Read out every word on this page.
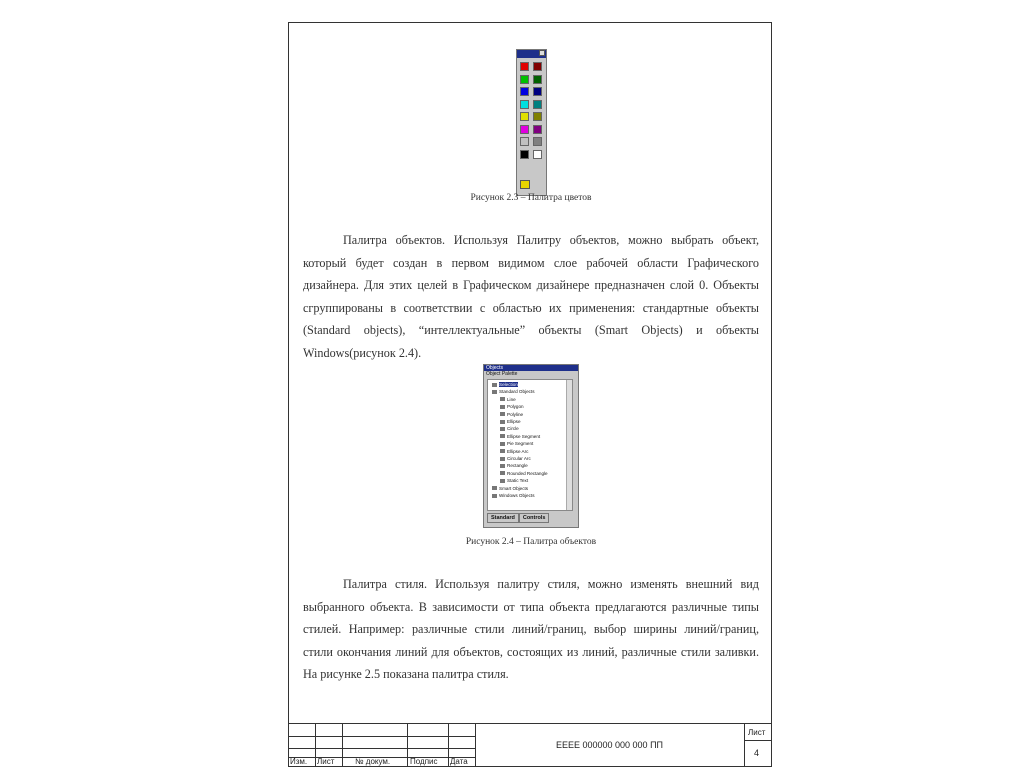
Рисунок 2.3 – Палитра цветов

Палитра объектов. Используя Палитру объектов, можно выбрать объект, который будет создан в первом видимом слое рабочей области Графического дизайнера. Для этих целей в Графическом дизайнере предназначен слой 0. Объекты сгруппированы в соответствии с областью их применения: стандартные объекты (Standard objects), “интеллектуальные” объекты (Smart Objects) и объекты Windows(рисунок 2.4).

Objects
Object Palette
Selection
Standard Objects
Line
Polygon
Polyline
Ellipse
Circle
Ellipse Segment
Pie Segment
Ellipse Arc
Circular Arc
Rectangle
Rounded Rectangle
Static Text
Smart Objects
Windows Objects
Standard	Controls
Рисунок 2.4 – Палитра объектов

Палитра стиля. Используя палитру стиля, можно изменять внешний вид выбранного объекта. В зависимости от типа объекта предлагаются различные типы стилей. Например: различные стили линий/границ, выбор ширины линий/границ, стили окончания линий для объектов, состоящих из линий, различные стили заливки. На рисунке 2.5 показана палитра стиля.

Изм. Лист	№ докум. Подпис Дата
ЕЕЕЕ 000000 000 000 ПП
Лист
4
